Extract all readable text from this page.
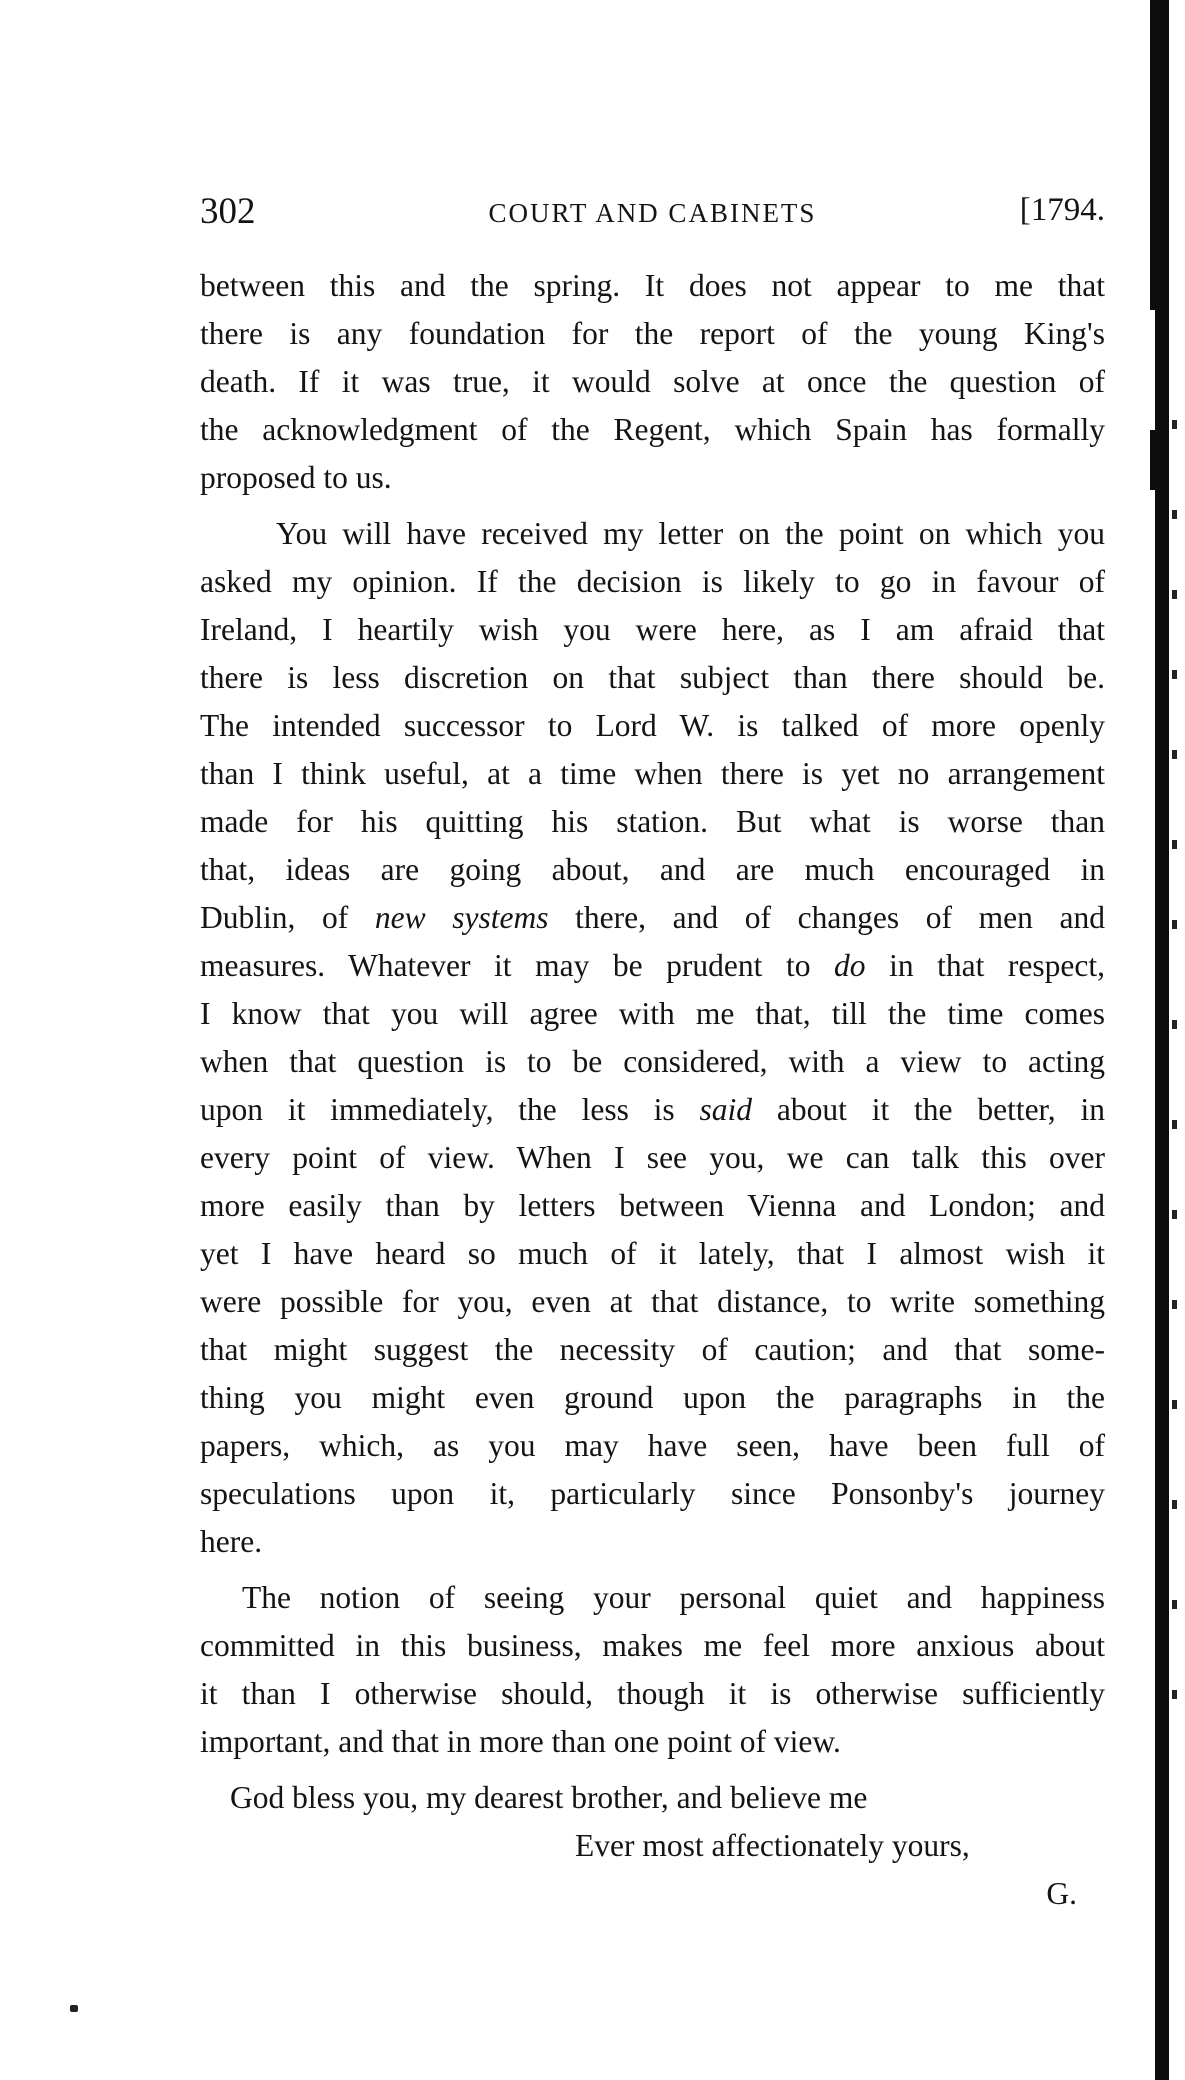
302	COURT AND CABINETS	[1794.
between this and the spring. It does not appear to me that
there is any foundation for the report of the young King's
death. If it was true, it would solve at once the question of
the acknowledgment of the Regent, which Spain has formally
proposed to us.
You will have received my letter on the point on which you
asked my opinion. If the decision is likely to go in favour of
Ireland, I heartily wish you were here, as I am afraid that
there is less discretion on that subject than there should be.
The intended successor to Lord W. is talked of more openly
than I think useful, at a time when there is yet no arrangement
made for his quitting his station. But what is worse than
that, ideas are going about, and are much encouraged in
Dublin, of new systems there, and of changes of men and
measures. Whatever it may be prudent to do in that respect,
I know that you will agree with me that, till the time comes
when that question is to be considered, with a view to acting
upon it immediately, the less is said about it the better, in
every point of view. When I see you, we can talk this over
more easily than by letters between Vienna and London; and
yet I have heard so much of it lately, that I almost wish it
were possible for you, even at that distance, to write something
that might suggest the necessity of caution; and that some-
thing you might even ground upon the paragraphs in the
papers, which, as you may have seen, have been full of
speculations upon it, particularly since Ponsonby's journey
here.
The notion of seeing your personal quiet and happiness
committed in this business, makes me feel more anxious about
it than I otherwise should, though it is otherwise sufficiently
important, and that in more than one point of view.
God bless you, my dearest brother, and believe me
Ever most affectionately yours,
G.
